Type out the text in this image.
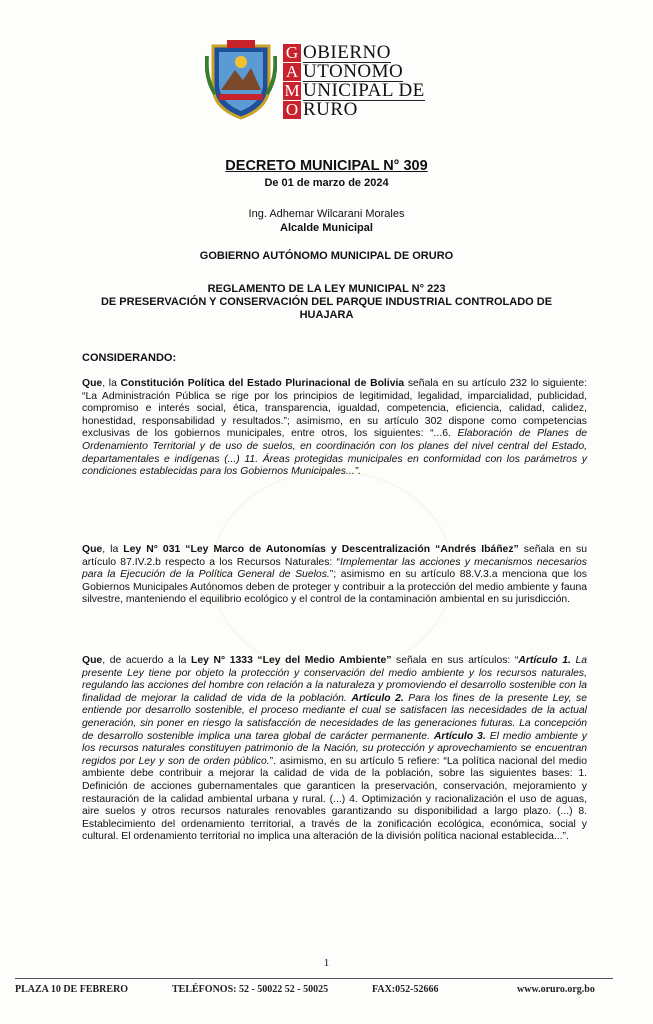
G OBIERNO
A UTONOMO
M UNICIPAL DE
O RURO
DECRETO MUNICIPAL N° 309
De 01 de marzo de 2024
Ing. Adhemar Wilcarani Morales
Alcalde Municipal
GOBIERNO AUTÓNOMO MUNICIPAL DE ORURO
REGLAMENTO DE LA LEY MUNICIPAL N° 223
DE PRESERVACIÓN Y CONSERVACIÓN DEL PARQUE INDUSTRIAL CONTROLADO DE
HUAJARA
CONSIDERANDO:

Que, la Constitución Política del Estado Plurinacional de Bolivia señala en su artículo 232 lo siguiente: “La Administración Pública se rige por los principios de legitimidad, legalidad, imparcialidad, publicidad, compromiso e interés social, ética, transparencia, igualdad, competencia, eficiencia, calidad, calidez, honestidad, responsabilidad y resultados.”; asimismo, en su artículo 302 dispone como competencias exclusivas de los gobiernos municipales, entre otros, los siguientes: “...6. Elaboración de Planes de Ordenamiento Territorial y de uso de suelos, en coordinación con los planes del nivel central del Estado, departamentales e indígenas (...) 11. Áreas protegidas municipales en conformidad con los parámetros y condiciones establecidas para los Gobiernos Municipales...”.

Que, la Ley N° 031 “Ley Marco de Autonomías y Descentralización “Andrés Ibáñez” señala en su artículo 87.IV.2.b respecto a los Recursos Naturales: “Implementar las acciones y mecanismos necesarios para la Ejecución de la Política General de Suelos.”; asimismo en su artículo 88.V.3.a menciona que los Gobiernos Municipales Autónomos deben de proteger y contribuir a la protección del medio ambiente y fauna silvestre, manteniendo el equilibrio ecológico y el control de la contaminación ambiental en su jurisdicción.

Que, de acuerdo a la Ley N° 1333 “Ley del Medio Ambiente” señala en sus artículos: “Artículo 1. La presente Ley tiene por objeto la protección y conservación del medio ambiente y los recursos naturales, regulando las acciones del hombre con relación a la naturaleza y promoviendo el desarrollo sostenible con la finalidad de mejorar la calidad de vida de la población. Artículo 2. Para los fines de la presente Ley, se entiende por desarrollo sostenible, el proceso mediante el cual se satisfacen las necesidades de la actual generación, sin poner en riesgo la satisfacción de necesidades de las generaciones futuras. La concepción de desarrollo sostenible implica una tarea global de carácter permanente. Artículo 3. El medio ambiente y los recursos naturales constituyen patrimonio de la Nación, su protección y aprovechamiento se encuentran regidos por Ley y son de orden público.”. asimismo, en su artículo 5 refiere: “La política nacional del medio ambiente debe contribuir a mejorar la calidad de vida de la población, sobre las siguientes bases: 1. Definición de acciones gubernamentales que garanticen la preservación, conservación, mejoramiento y restauración de la calidad ambiental urbana y rural. (...) 4. Optimización y racionalización el uso de aguas, aire suelos y otros recursos naturales renovables garantizando su disponibilidad a largo plazo. (...) 8. Establecimiento del ordenamiento territorial, a través de la zonificación ecológica, económica, social y cultural. El ordenamiento territorial no implica una alteración de la división política nacional establecida...”.

1
PLAZA 10 DE FEBRERO	TELÉFONOS: 52 - 50022 52 - 50025	FAX:052-52666	www.oruro.org.bo
